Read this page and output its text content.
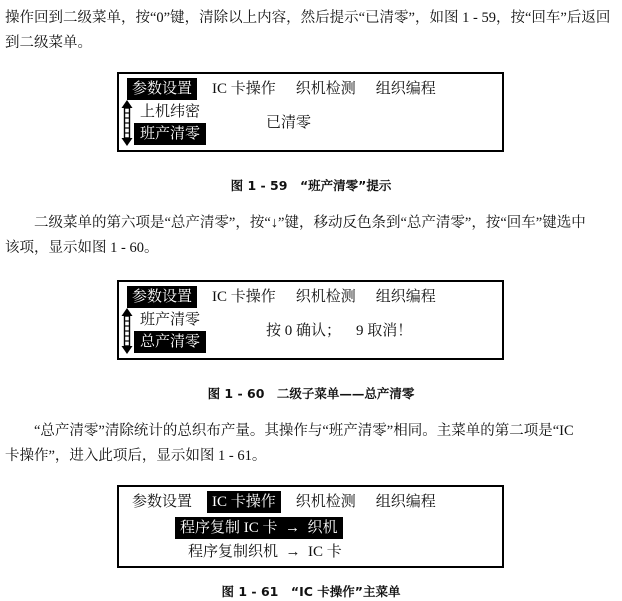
操作回到二级菜单，按“0”键，清除以上内容，然后提示“已清零”，如图 1 - 59，按“回车”后返回
到二级菜单。

参数设置	IC 卡操作	织机检测	组织编程
上机纬密
班产清零
已清零
图 1 - 59　“班产清零”提示

二级菜单的第六项是“总产清零”，按“↓”键，移动反色条到“总产清零”，按“回车”键选中
该项，显示如图 1 - 60。

参数设置	IC 卡操作	织机检测	组织编程
班产清零
总产清零
按 0 确认；    9 取消！
图 1 - 60　二级子菜单——总产清零

“总产清零”清除统计的总织布产量。其操作与“班产清零”相同。主菜单的第二项是“IC
卡操作”，进入此项后，显示如图 1 - 61。

参数设置	IC 卡操作	织机检测	组织编程
程序复制 IC 卡  →  织机
程序复制织机  →  IC 卡
图 1 - 61　“IC 卡操作”主菜单
